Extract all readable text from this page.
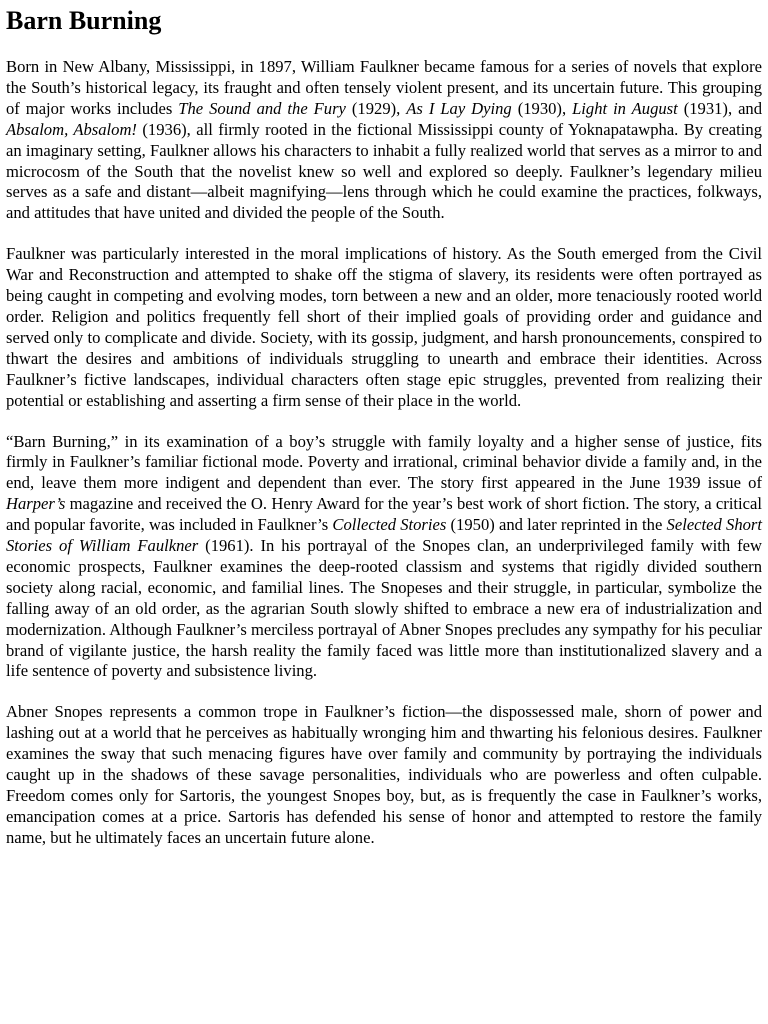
Barn Burning

Born in New Albany, Mississippi, in 1897, William Faulkner became famous for a series of novels that explore the South’s historical legacy, its fraught and often tensely violent present, and its uncertain future. This grouping of major works includes The Sound and the Fury (1929), As I Lay Dying (1930), Light in August (1931), and Absalom, Absalom! (1936), all firmly rooted in the fictional Mississippi county of Yoknapatawpha. By creating an imaginary setting, Faulkner allows his characters to inhabit a fully realized world that serves as a mirror to and microcosm of the South that the novelist knew so well and explored so deeply. Faulkner’s legendary milieu serves as a safe and distant—albeit magnifying—lens through which he could examine the practices, folkways, and attitudes that have united and divided the people of the South.

Faulkner was particularly interested in the moral implications of history. As the South emerged from the Civil War and Reconstruction and attempted to shake off the stigma of slavery, its residents were often portrayed as being caught in competing and evolving modes, torn between a new and an older, more tenaciously rooted world order. Religion and politics frequently fell short of their implied goals of providing order and guidance and served only to complicate and divide. Society, with its gossip, judgment, and harsh pronouncements, conspired to thwart the desires and ambitions of individuals struggling to unearth and embrace their identities. Across Faulkner’s fictive landscapes, individual characters often stage epic struggles, prevented from realizing their potential or establishing and asserting a firm sense of their place in the world.

“Barn Burning,” in its examination of a boy’s struggle with family loyalty and a higher sense of justice, fits firmly in Faulkner’s familiar fictional mode. Poverty and irrational, criminal behavior divide a family and, in the end, leave them more indigent and dependent than ever. The story first appeared in the June 1939 issue of Harper’s magazine and received the O. Henry Award for the year’s best work of short fiction. The story, a critical and popular favorite, was included in Faulkner’s Collected Stories (1950) and later reprinted in the Selected Short Stories of William Faulkner (1961). In his portrayal of the Snopes clan, an underprivileged family with few economic prospects, Faulkner examines the deep-rooted classism and systems that rigidly divided southern society along racial, economic, and familial lines. The Snopeses and their struggle, in particular, symbolize the falling away of an old order, as the agrarian South slowly shifted to embrace a new era of industrialization and modernization. Although Faulkner’s merciless portrayal of Abner Snopes precludes any sympathy for his peculiar brand of vigilante justice, the harsh reality the family faced was little more than institutionalized slavery and a life sentence of poverty and subsistence living.

Abner Snopes represents a common trope in Faulkner’s fiction—the dispossessed male, shorn of power and lashing out at a world that he perceives as habitually wronging him and thwarting his felonious desires. Faulkner examines the sway that such menacing figures have over family and community by portraying the individuals caught up in the shadows of these savage personalities, individuals who are powerless and often culpable. Freedom comes only for Sartoris, the youngest Snopes boy, but, as is frequently the case in Faulkner’s works, emancipation comes at a price. Sartoris has defended his sense of honor and attempted to restore the family name, but he ultimately faces an uncertain future alone.
